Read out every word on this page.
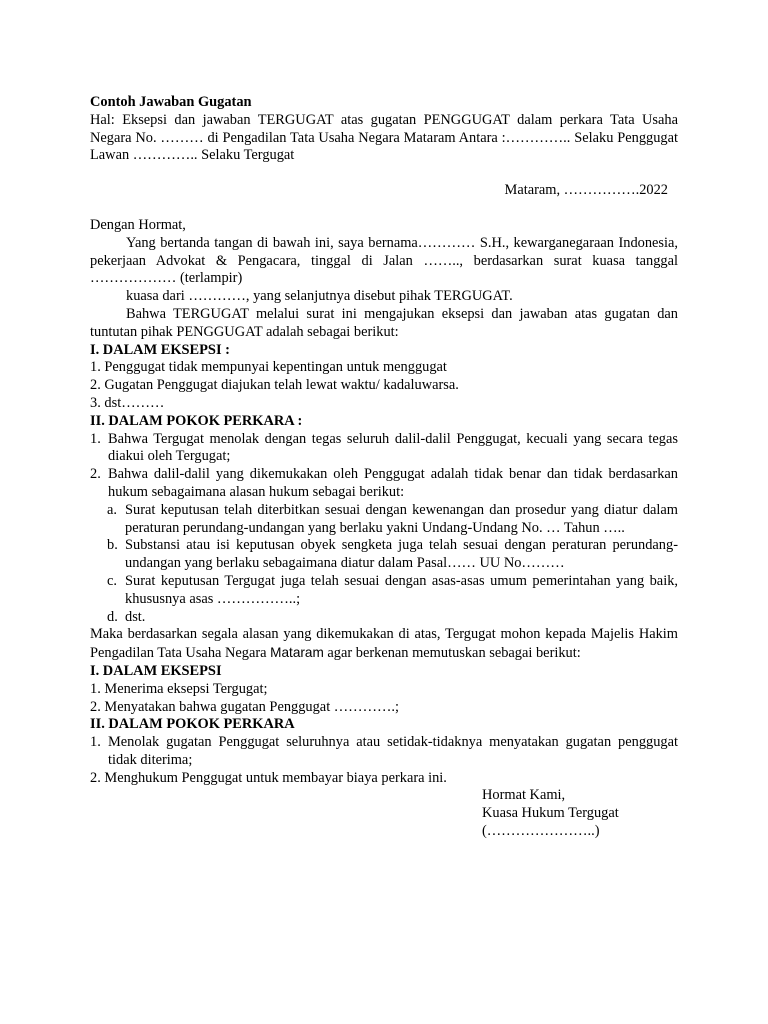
Contoh Jawaban Gugatan
Hal: Eksepsi dan jawaban TERGUGAT atas gugatan PENGGUGAT dalam perkara Tata Usaha Negara No. ……… di Pengadilan Tata Usaha Negara Mataram Antara :………….. Selaku Penggugat Lawan ………….. Selaku Tergugat
Mataram, …………….2022
Dengan Hormat,
Yang bertanda tangan di bawah ini, saya bernama………… S.H., kewarganegaraan Indonesia, pekerjaan Advokat & Pengacara, tinggal di Jalan …….., berdasarkan surat kuasa tanggal ……………… (terlampir)
kuasa dari …………, yang selanjutnya disebut pihak TERGUGAT.
Bahwa TERGUGAT melalui surat ini mengajukan eksepsi dan jawaban atas gugatan dan tuntutan pihak PENGGUGAT adalah sebagai berikut:
I. DALAM EKSEPSI :
1.
Penggugat tidak mempunyai kepentingan untuk menggugat
2.
Gugatan Penggugat diajukan telah lewat waktu/ kadaluwarsa.
3.
dst………
II. DALAM POKOK PERKARA :
1. Bahwa Tergugat menolak dengan tegas seluruh dalil-dalil Penggugat, kecuali yang secara tegas diakui oleh Tergugat;
2. Bahwa dalil-dalil yang dikemukakan oleh Penggugat adalah tidak benar dan tidak berdasarkan hukum sebagaimana alasan hukum sebagai berikut:
a. Surat keputusan telah diterbitkan sesuai dengan kewenangan dan prosedur yang diatur dalam peraturan perundang-undangan yang berlaku yakni Undang-Undang No. … Tahun …..
b. Substansi atau isi keputusan obyek sengketa juga telah sesuai dengan peraturan perundang-undangan yang berlaku sebagaimana diatur dalam Pasal…… UU No………
c. Surat keputusan Tergugat juga telah sesuai dengan asas-asas umum pemerintahan yang baik, khususnya asas ……………..;
d. dst.
Maka berdasarkan segala alasan yang dikemukakan di atas, Tergugat mohon kepada Majelis Hakim Pengadilan Tata Usaha Negara Mataram agar berkenan memutuskan sebagai berikut:
I. DALAM EKSEPSI
1.
Menerima eksepsi Tergugat;
2.
Menyatakan bahwa gugatan Penggugat ………….;
II. DALAM POKOK PERKARA
1. Menolak gugatan Penggugat seluruhnya atau setidak-tidaknya menyatakan gugatan penggugat tidak diterima;
2.
Menghukum Penggugat untuk membayar biaya perkara ini.
Hormat Kami,
Kuasa Hukum Tergugat
(…………………..)
